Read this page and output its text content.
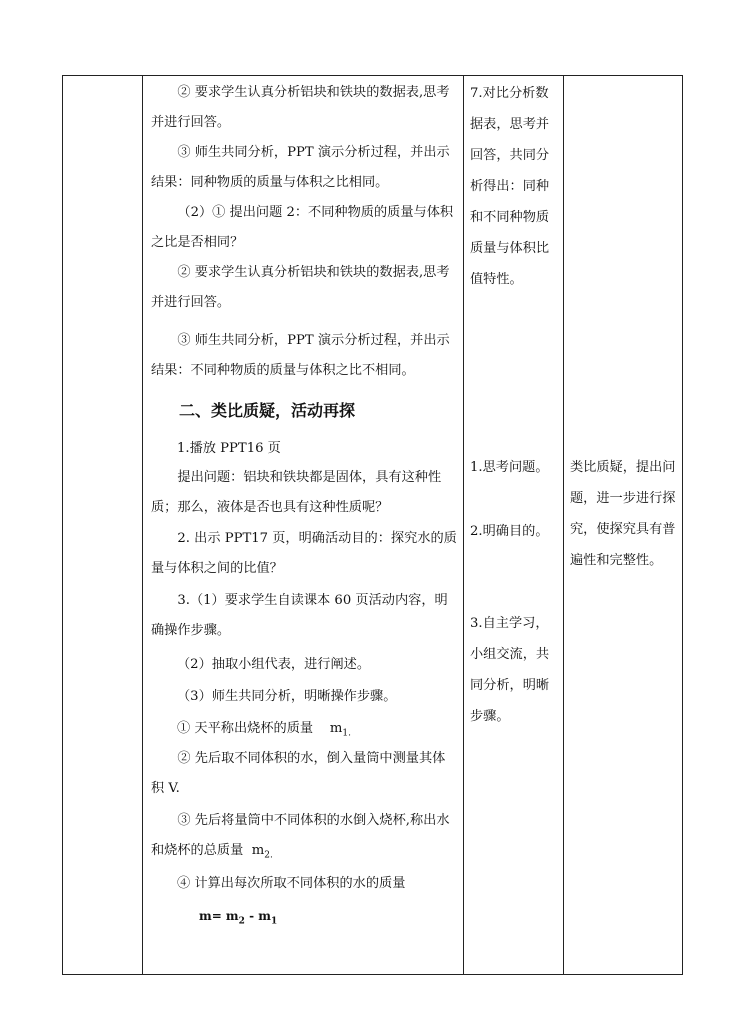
② 要求学生认真分析铝块和铁块的数据表,思考并进行回答。
③ 师生共同分析，PPT 演示分析过程，并出示结果：同种物质的质量与体积之比相同。
（2）① 提出问题 2：不同种物质的质量与体积之比是否相同？
② 要求学生认真分析铝块和铁块的数据表,思考并进行回答。
③ 师生共同分析，PPT 演示分析过程，并出示结果：不同种物质的质量与体积之比不相同。
二、类比质疑，活动再探
1.播放 PPT16 页
提出问题：铝块和铁块都是固体，具有这种性质；那么，液体是否也具有这种性质呢？
2. 出示 PPT17 页，明确活动目的：探究水的质量与体积之间的比值？
3.（1）要求学生自读课本 60 页活动内容，明确操作步骤。
（2）抽取小组代表，进行阐述。
（3）师生共同分析，明晰操作步骤。
① 天平称出烧杯的质量 $m_{1.}$
② 先后取不同体积的水，倒入量筒中测量其体积 V.
③ 先后将量筒中不同体积的水倒入烧杯,称出水和烧杯的总质量 $m_{2.}$
④ 计算出每次所取不同体积的水的质量
$m= m_2 - m_1$

7.对比分析数据表，思考并回答，共同分析得出：同种和不同种物质质量与体积比值特性。
1.思考问题。
2.明确目的。
3.自主学习，小组交流，共同分析，明晰步骤。

类比质疑，提出问题，进一步进行探究，使探究具有普遍性和完整性。
